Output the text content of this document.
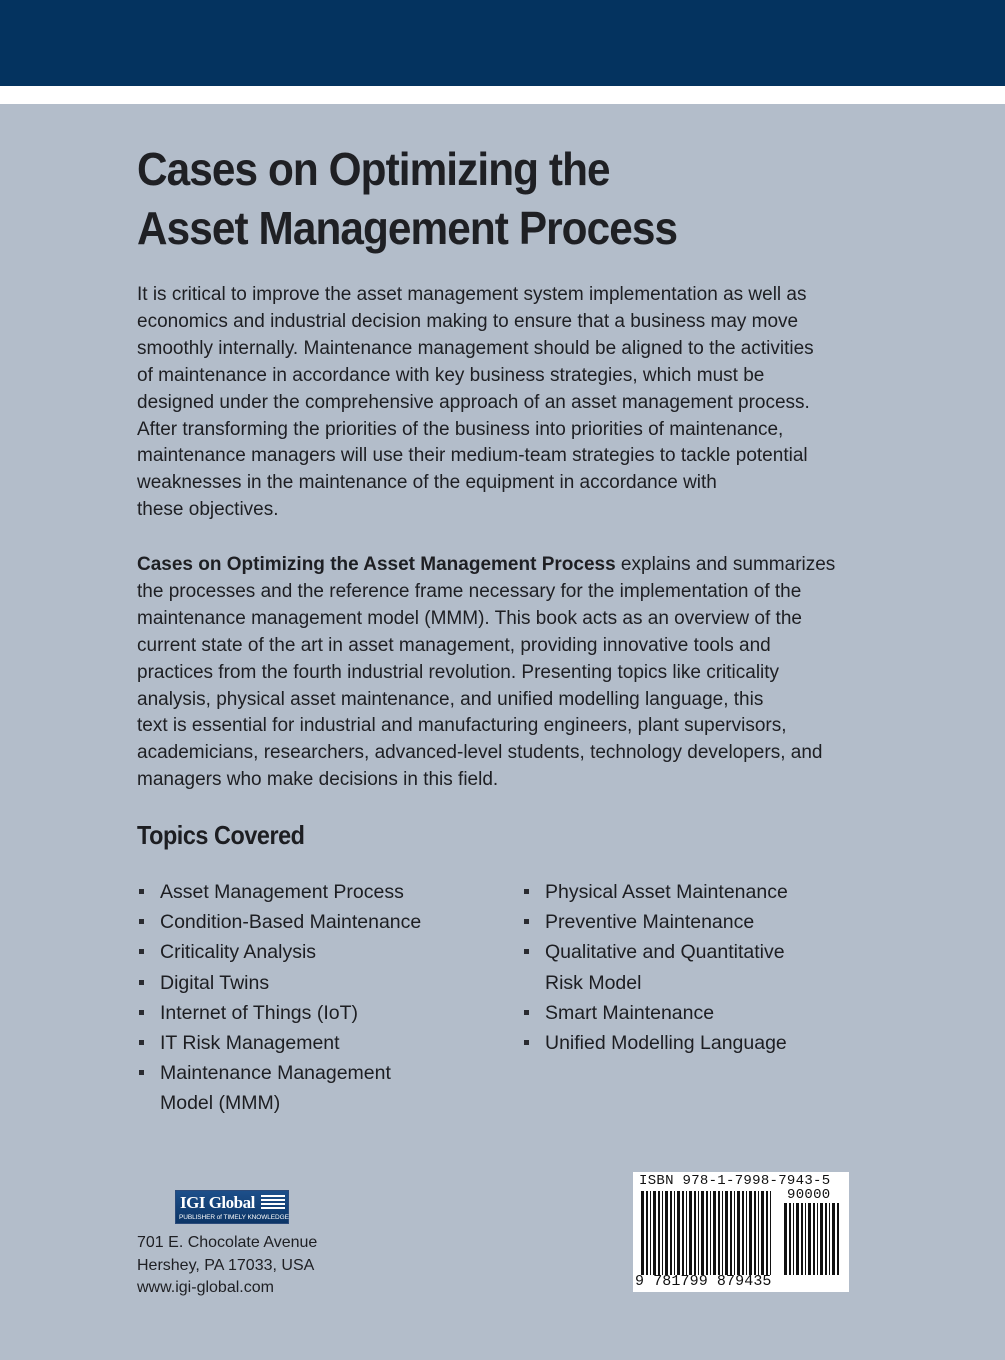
Cases on Optimizing the
Asset Management Process
It is critical to improve the asset management system implementation as well as
economics and industrial decision making to ensure that a business may move
smoothly internally. Maintenance management should be aligned to the activities
of maintenance in accordance with key business strategies, which must be
designed under the comprehensive approach of an asset management process.
After transforming the priorities of the business into priorities of maintenance,
maintenance managers will use their medium-team strategies to tackle potential
weaknesses in the maintenance of the equipment in accordance with
these objectives.
Cases on Optimizing the Asset Management Process explains and summarizes
the processes and the reference frame necessary for the implementation of the
maintenance management model (MMM). This book acts as an overview of the
current state of the art in asset management, providing innovative tools and
practices from the fourth industrial revolution. Presenting topics like criticality
analysis, physical asset maintenance, and unified modelling language, this
text is essential for industrial and manufacturing engineers, plant supervisors,
academicians, researchers, advanced-level students, technology developers, and
managers who make decisions in this field.
Topics Covered
Asset Management Process
Condition-Based Maintenance
Criticality Analysis
Digital Twins
Internet of Things (IoT)
IT Risk Management
Maintenance Management
Model (MMM)
Physical Asset Maintenance
Preventive Maintenance
Qualitative and Quantitative
Risk Model
Smart Maintenance
Unified Modelling Language
IGI Global
PUBLISHER of TIMELY KNOWLEDGE
701 E. Chocolate Avenue
Hershey, PA 17033, USA
www.igi-global.com
ISBN 978-1-7998-7943-5
90000
9 781799 879435
